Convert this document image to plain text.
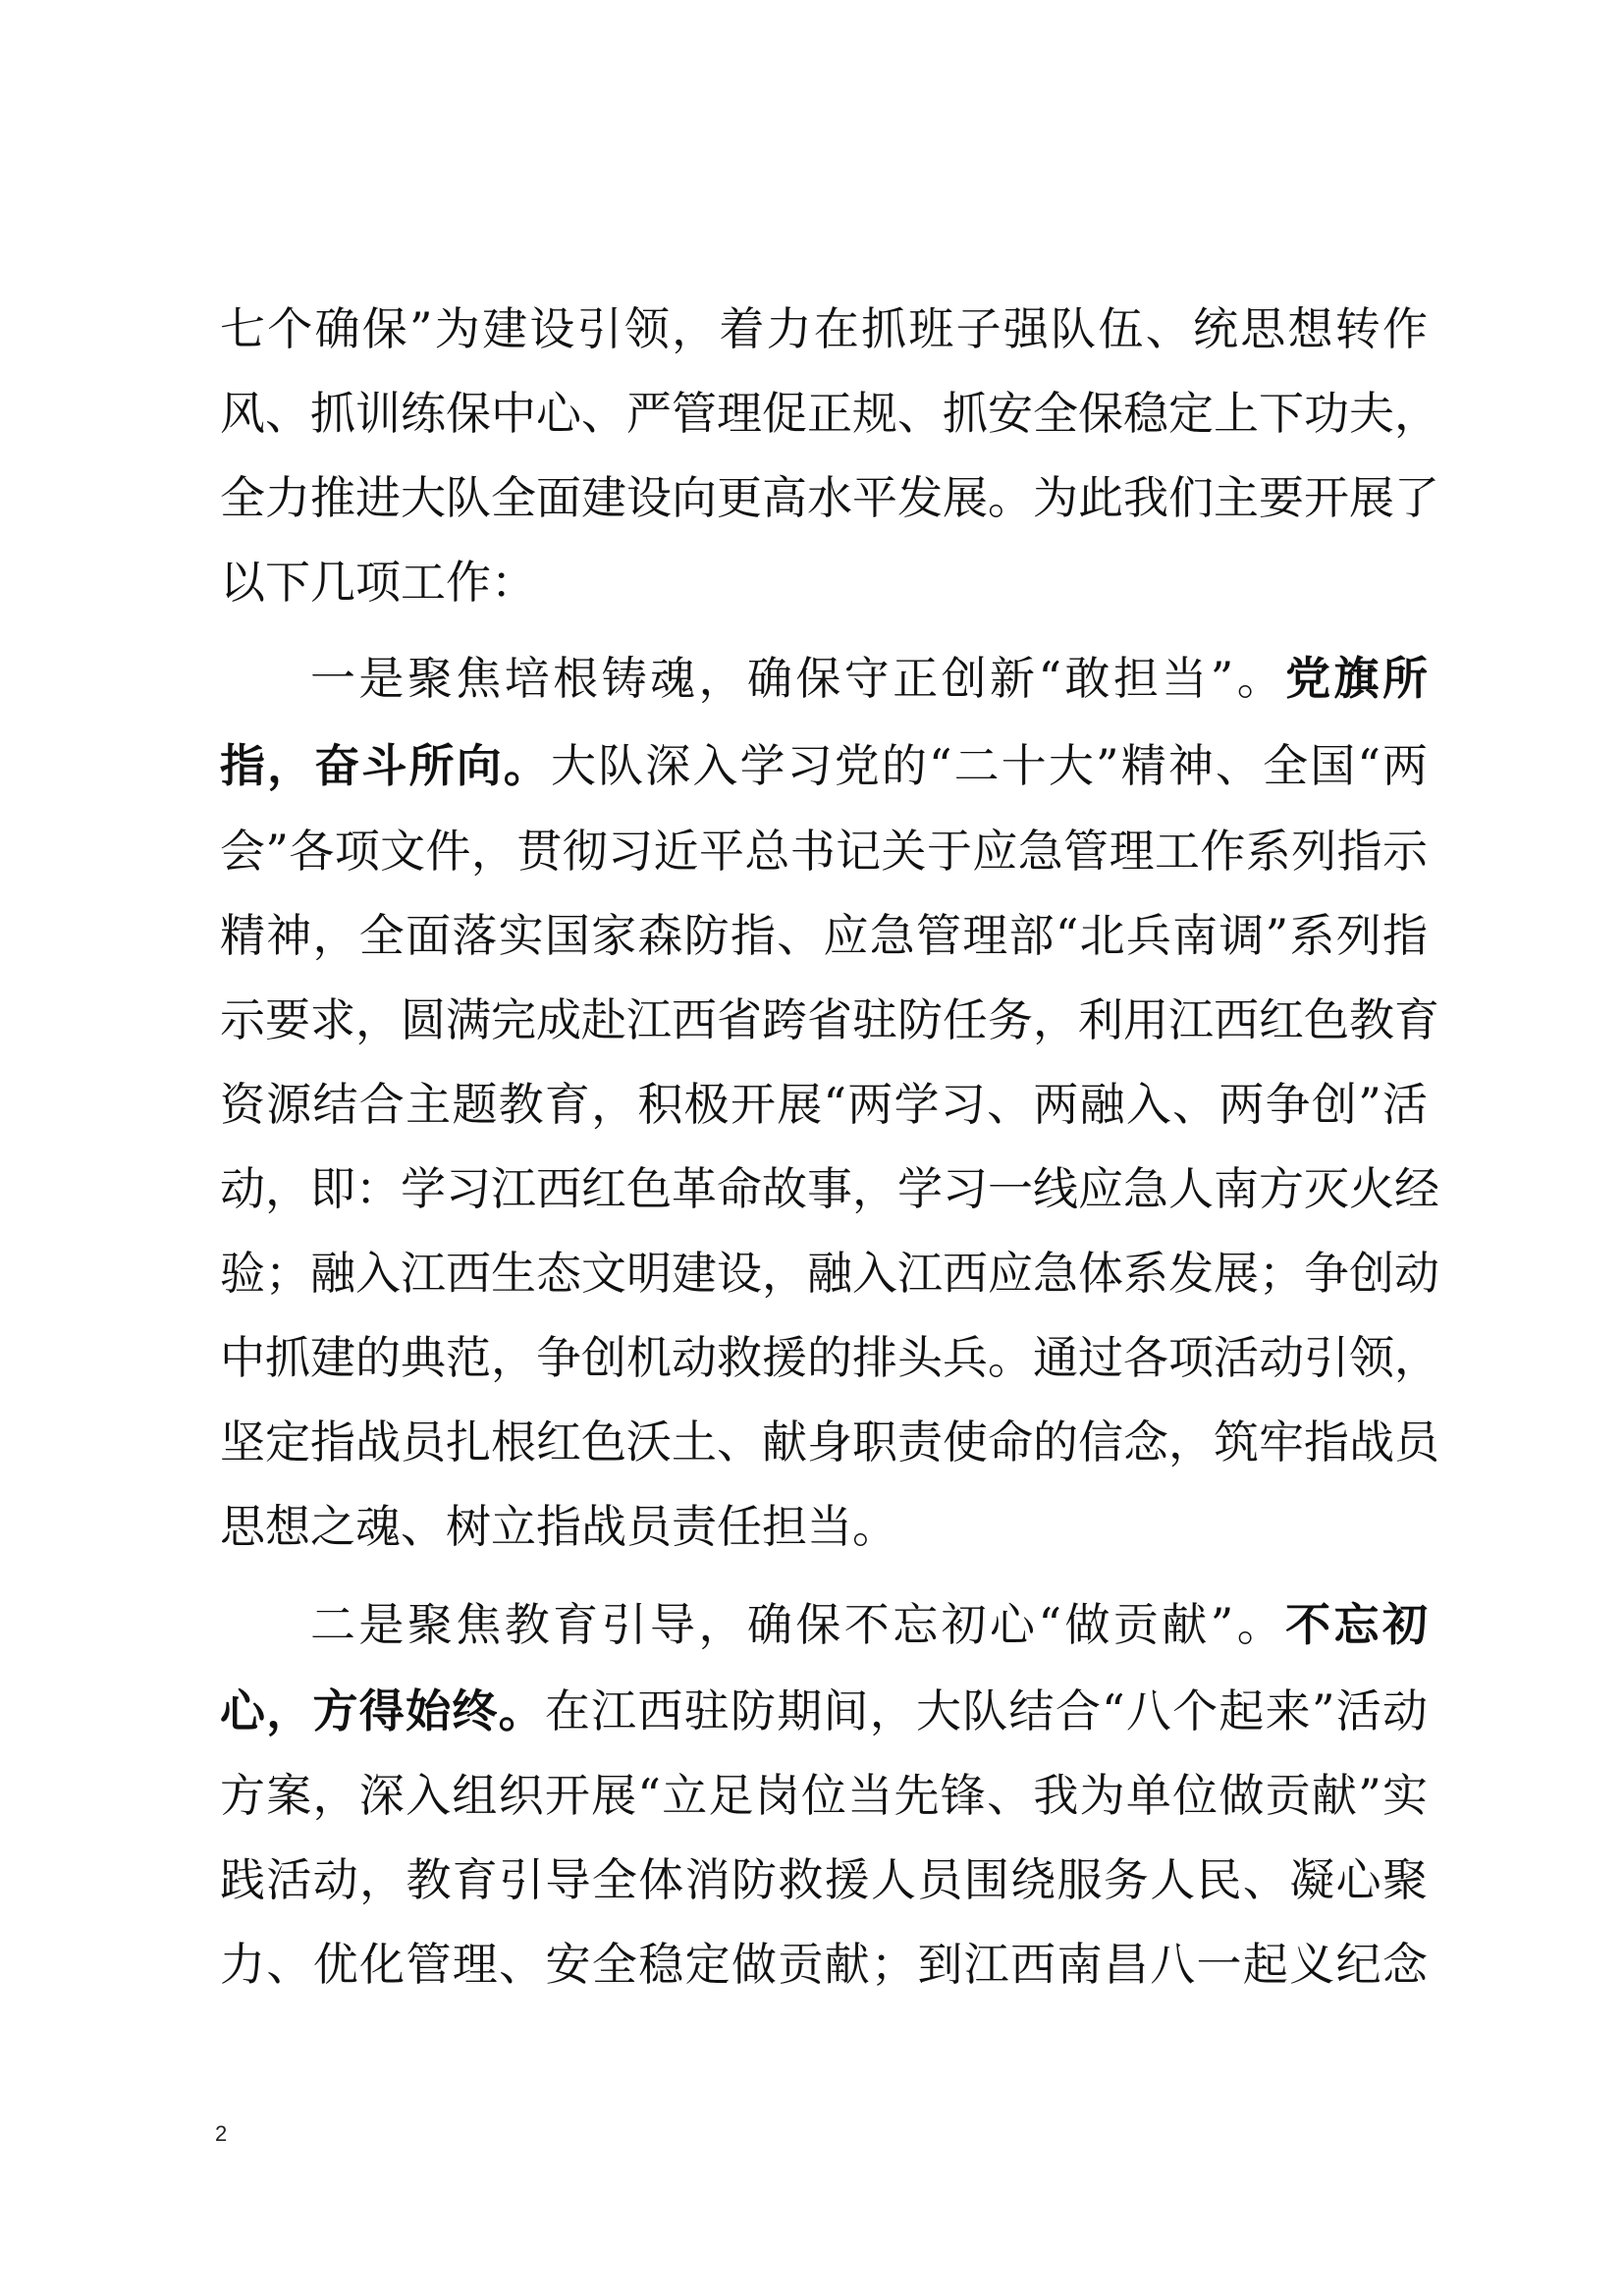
七个确保”为建设引领，着力在抓班子强队伍、统思想转作
风、抓训练保中心、严管理促正规、抓安全保稳定上下功夫，
全力推进大队全面建设向更高水平发展。为此我们主要开展了
以下几项工作：
一是聚焦培根铸魂，确保守正创新“敢担当”。党旗所
指，奋斗所向。大队深入学习党的“二十大”精神、全国“两
会”各项文件，贯彻习近平总书记关于应急管理工作系列指示
精神，全面落实国家森防指、应急管理部“北兵南调”系列指
示要求，圆满完成赴江西省跨省驻防任务，利用江西红色教育
资源结合主题教育，积极开展“两学习、两融入、两争创”活
动，即：学习江西红色革命故事，学习一线应急人南方灭火经
验；融入江西生态文明建设，融入江西应急体系发展；争创动
中抓建的典范，争创机动救援的排头兵。通过各项活动引领，
坚定指战员扎根红色沃土、献身职责使命的信念，筑牢指战员
思想之魂、树立指战员责任担当。
二是聚焦教育引导，确保不忘初心“做贡献”。不忘初
心，方得始终。在江西驻防期间，大队结合“八个起来”活动
方案，深入组织开展“立足岗位当先锋、我为单位做贡献”实
践活动，教育引导全体消防救援人员围绕服务人民、凝心聚
力、优化管理、安全稳定做贡献；到江西南昌八一起义纪念
2
